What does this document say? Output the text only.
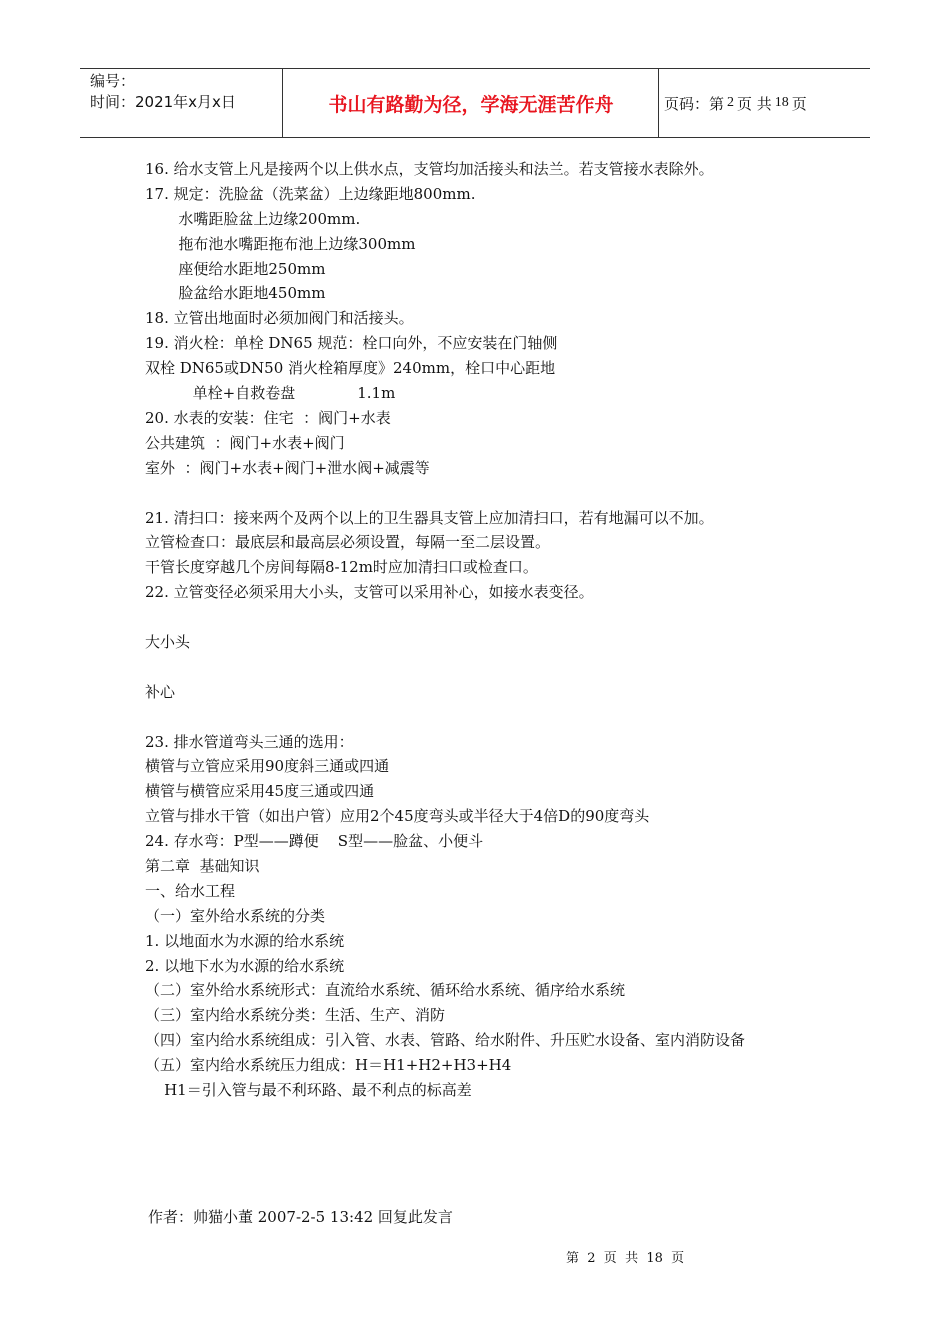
编号：
时间：2021年x月x日	书山有路勤为径，学海无涯苦作舟	页码：第 2 页 共 18 页
16. 给水支管上凡是接两个以上供水点，支管均加活接头和法兰。若支管接水表除外。
17. 规定：洗脸盆（洗菜盆）上边缘距地800mm.
水嘴距脸盆上边缘200mm.
拖布池水嘴距拖布池上边缘300mm
座便给水距地250mm
脸盆给水距地450mm
18. 立管出地面时必须加阀门和活接头。
19. 消火栓：单栓 DN65 规范：栓口向外，不应安装在门轴侧
双栓 DN65或DN50 消火栓箱厚度》240mm，栓口中心距地
单栓+自救卷盘             1.1m
20. 水表的安装：住宅  ：阀门+水表
公共建筑  ：阀门+水表+阀门
室外  ：阀门+水表+阀门+泄水阀+减震等
21. 清扫口：接来两个及两个以上的卫生器具支管上应加清扫口，若有地漏可以不加。
立管检查口：最底层和最高层必须设置，每隔一至二层设置。
干管长度穿越几个房间每隔8-12m时应加清扫口或检查口。
22. 立管变径必须采用大小头，支管可以采用补心，如接水表变径。
大小头
补心
23. 排水管道弯头三通的选用：
横管与立管应采用90度斜三通或四通
横管与横管应采用45度三通或四通
立管与排水干管（如出户管）应用2个45度弯头或半径大于4倍D的90度弯头
24. 存水弯：P型——蹲便    S型——脸盆、小便斗
第二章  基础知识
一、给水工程
（一）室外给水系统的分类
1. 以地面水为水源的给水系统
2. 以地下水为水源的给水系统
（二）室外给水系统形式：直流给水系统、循环给水系统、循序给水系统
（三）室内给水系统分类：生活、生产、消防
（四）室内给水系统组成：引入管、水表、管路、给水附件、升压贮水设备、室内消防设备
（五）室内给水系统压力组成：H＝H1+H2+H3+H4
H1＝引入管与最不利环路、最不利点的标高差
作者：帅猫小董 2007-2-5 13:42 回复此发言
第  2  页  共  18  页
